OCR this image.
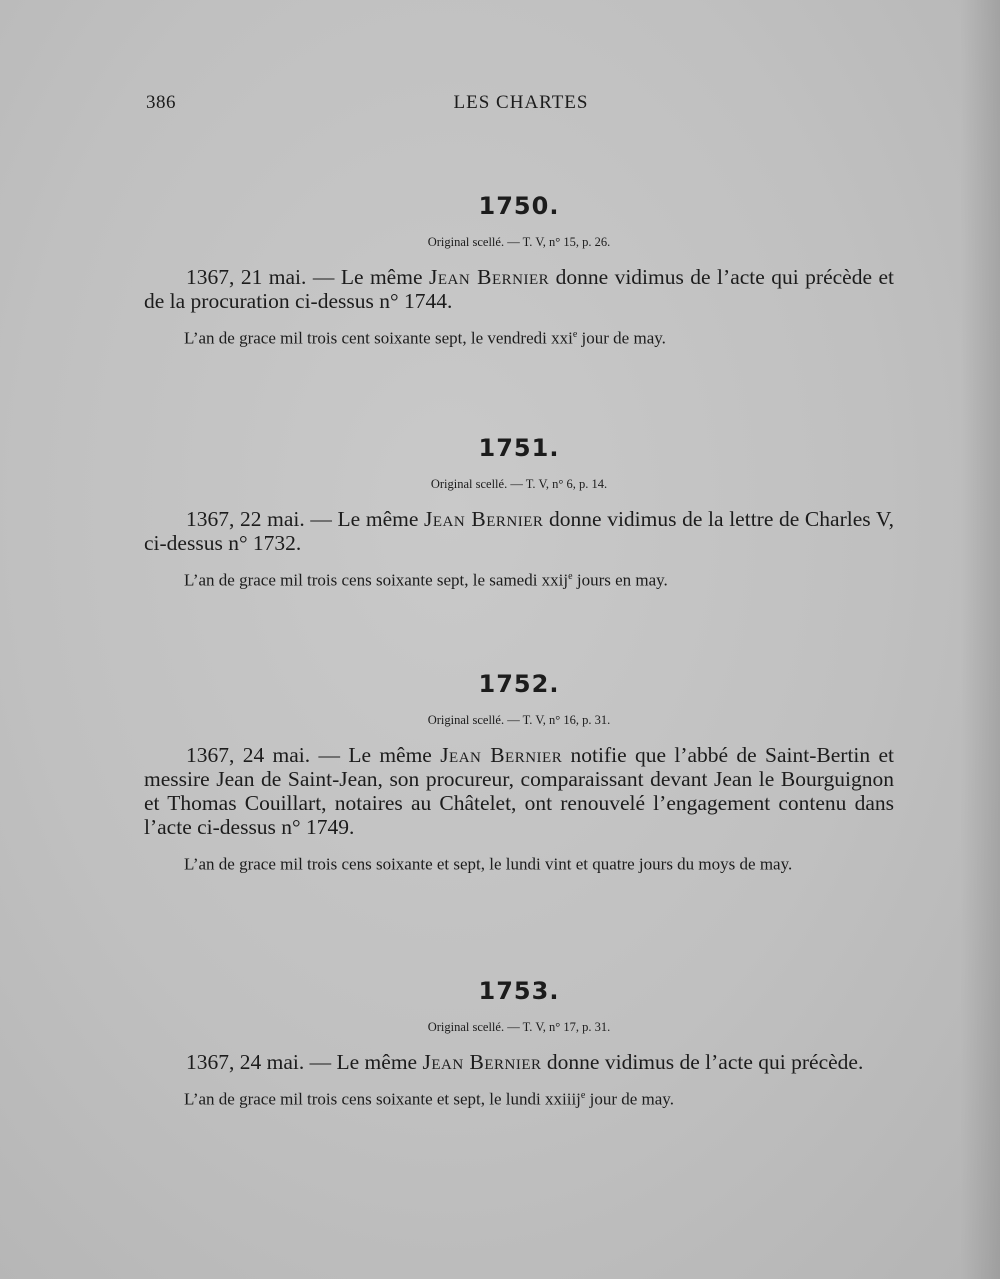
386	LES CHARTES
1750.
Original scellé. — T. V, n° 15, p. 26.
1367, 21 mai. — Le même Jean Bernier donne vidimus de l’acte qui précède et de la procuration ci-dessus n° 1744.
L’an de grace mil trois cent soixante sept, le vendredi xxi$^e$ jour de may.
1751.
Original scellé. — T. V, n° 6, p. 14.
1367, 22 mai. — Le même Jean Bernier donne vidimus de la lettre de Charles V, ci-dessus n° 1732.
L’an de grace mil trois cens soixante sept, le samedi xxij$^e$ jours en may.
1752.
Original scellé. — T. V, n° 16, p. 31.
1367, 24 mai. — Le même Jean Bernier notifie que l’abbé de Saint-Bertin et messire Jean de Saint-Jean, son procureur, comparaissant devant Jean le Bourguignon et Thomas Couillart, notaires au Châtelet, ont renouvelé l’engagement contenu dans l’acte ci-dessus n° 1749.
L’an de grace mil trois cens soixante et sept, le lundi vint et quatre jours du moys de may.
1753.
Original scellé. — T. V, n° 17, p. 31.
1367, 24 mai. — Le même Jean Bernier donne vidimus de l’acte qui précède.
L’an de grace mil trois cens soixante et sept, le lundi xxiiij$^e$ jour de may.
